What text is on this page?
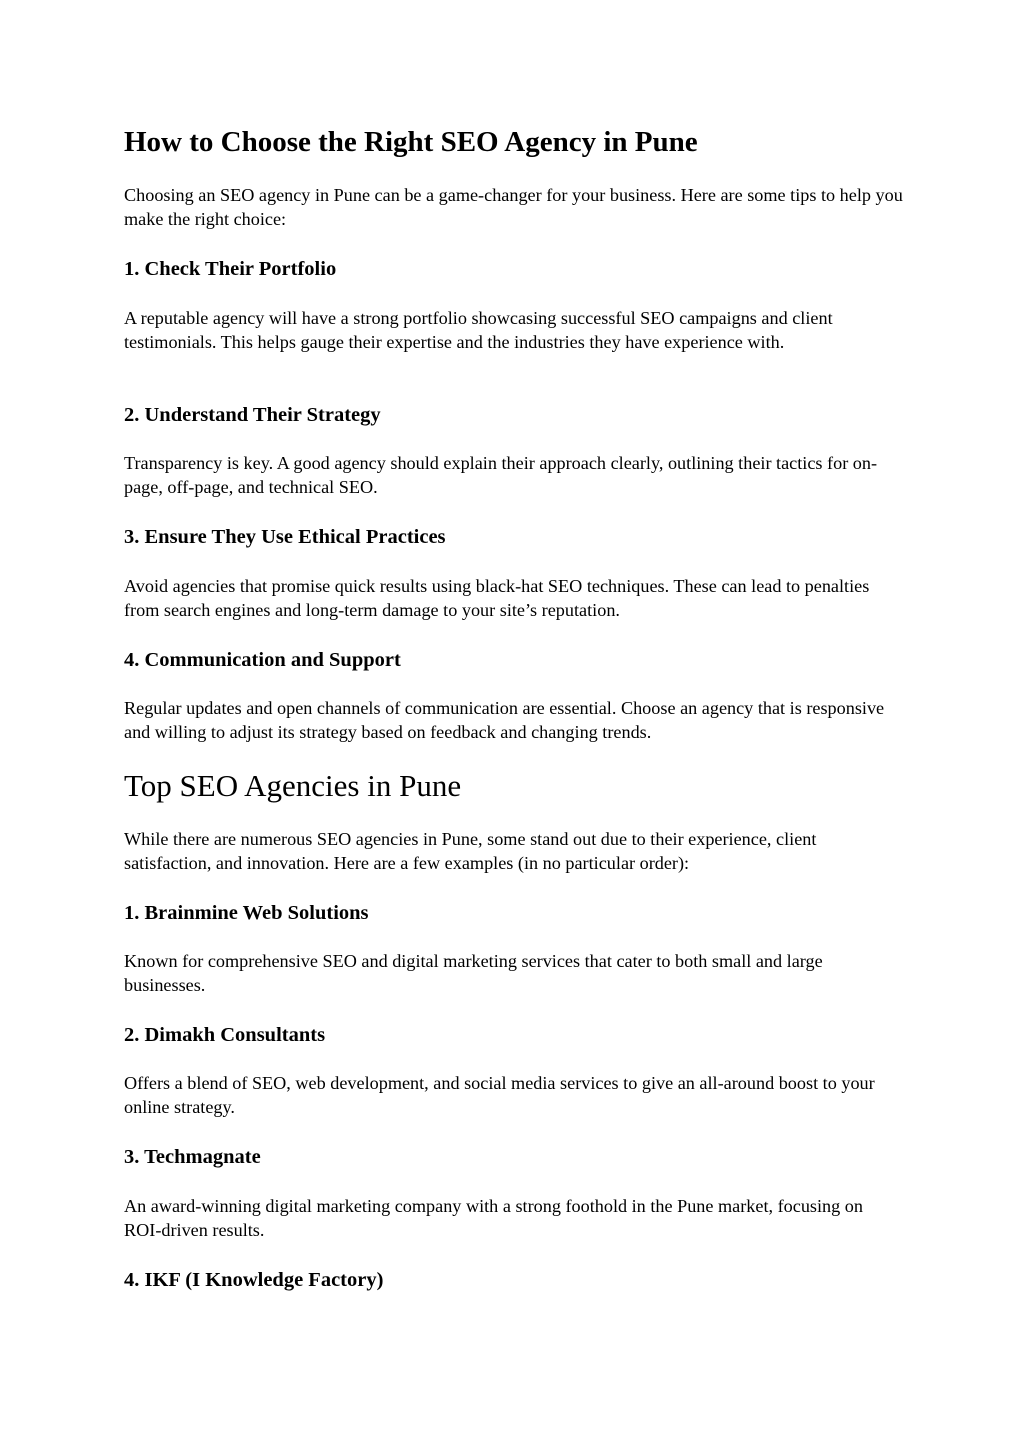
How to Choose the Right SEO Agency in Pune

Choosing an SEO agency in Pune can be a game-changer for your business. Here are some tips to help you make the right choice:

1. Check Their Portfolio

A reputable agency will have a strong portfolio showcasing successful SEO campaigns and client testimonials. This helps gauge their expertise and the industries they have experience with.

2. Understand Their Strategy

Transparency is key. A good agency should explain their approach clearly, outlining their tactics for on-page, off-page, and technical SEO.

3. Ensure They Use Ethical Practices

Avoid agencies that promise quick results using black-hat SEO techniques. These can lead to penalties from search engines and long-term damage to your site’s reputation.

4. Communication and Support

Regular updates and open channels of communication are essential. Choose an agency that is responsive and willing to adjust its strategy based on feedback and changing trends.

Top SEO Agencies in Pune

While there are numerous SEO agencies in Pune, some stand out due to their experience, client satisfaction, and innovation. Here are a few examples (in no particular order):

1. Brainmine Web Solutions

Known for comprehensive SEO and digital marketing services that cater to both small and large businesses.

2. Dimakh Consultants

Offers a blend of SEO, web development, and social media services to give an all-around boost to your online strategy.

3. Techmagnate

An award-winning digital marketing company with a strong foothold in the Pune market, focusing on ROI-driven results.

4. IKF (I Knowledge Factory)
